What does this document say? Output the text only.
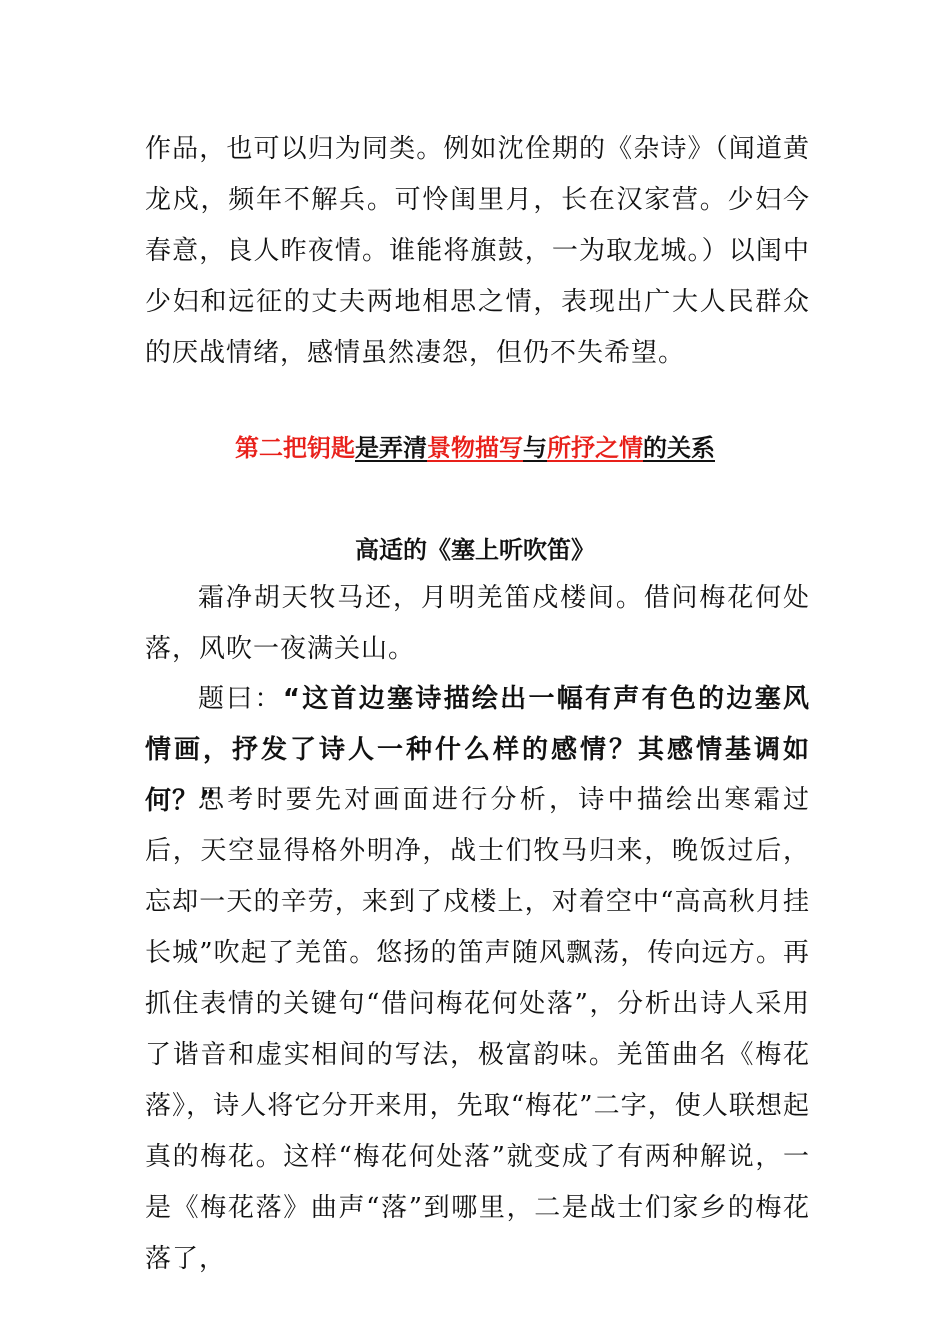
作品，也可以归为同类。例如沈佺期的《杂诗》（闻道黄龙戍，频年不解兵。可怜闺里月，长在汉家营。少妇今春意，良人昨夜情。谁能将旗鼓，一为取龙城。）以闺中少妇和远征的丈夫两地相思之情，表现出广大人民群众的厌战情绪，感情虽然凄怨，但仍不失希望。

第二把钥匙是弄清景物描写与所抒之情的关系
高适的《塞上听吹笛》

霜净胡天牧马还，月明羌笛戍楼间。借问梅花何处落，风吹一夜满关山。

题曰：“这首边塞诗描绘出一幅有声有色的边塞风情画，抒发了诗人一种什么样的感情？其感情基调如何？”

思考时要先对画面进行分析，诗中描绘出寒霜过后，天空显得格外明净，战士们牧马归来，晚饭过后，忘却一天的辛劳，来到了戍楼上，对着空中“高高秋月挂长城”吹起了羌笛。悠扬的笛声随风飘荡，传向远方。再抓住表情的关键句“借问梅花何处落”，分析出诗人采用了谐音和虚实相间的写法，极富韵味。羌笛曲名《梅花落》，诗人将它分开来用，先取“梅花”二字，使人联想起真的梅花。这样“梅花何处落”就变成了有两种解说，一是《梅花落》曲声“落”到哪里，二是战士们家乡的梅花落了，
